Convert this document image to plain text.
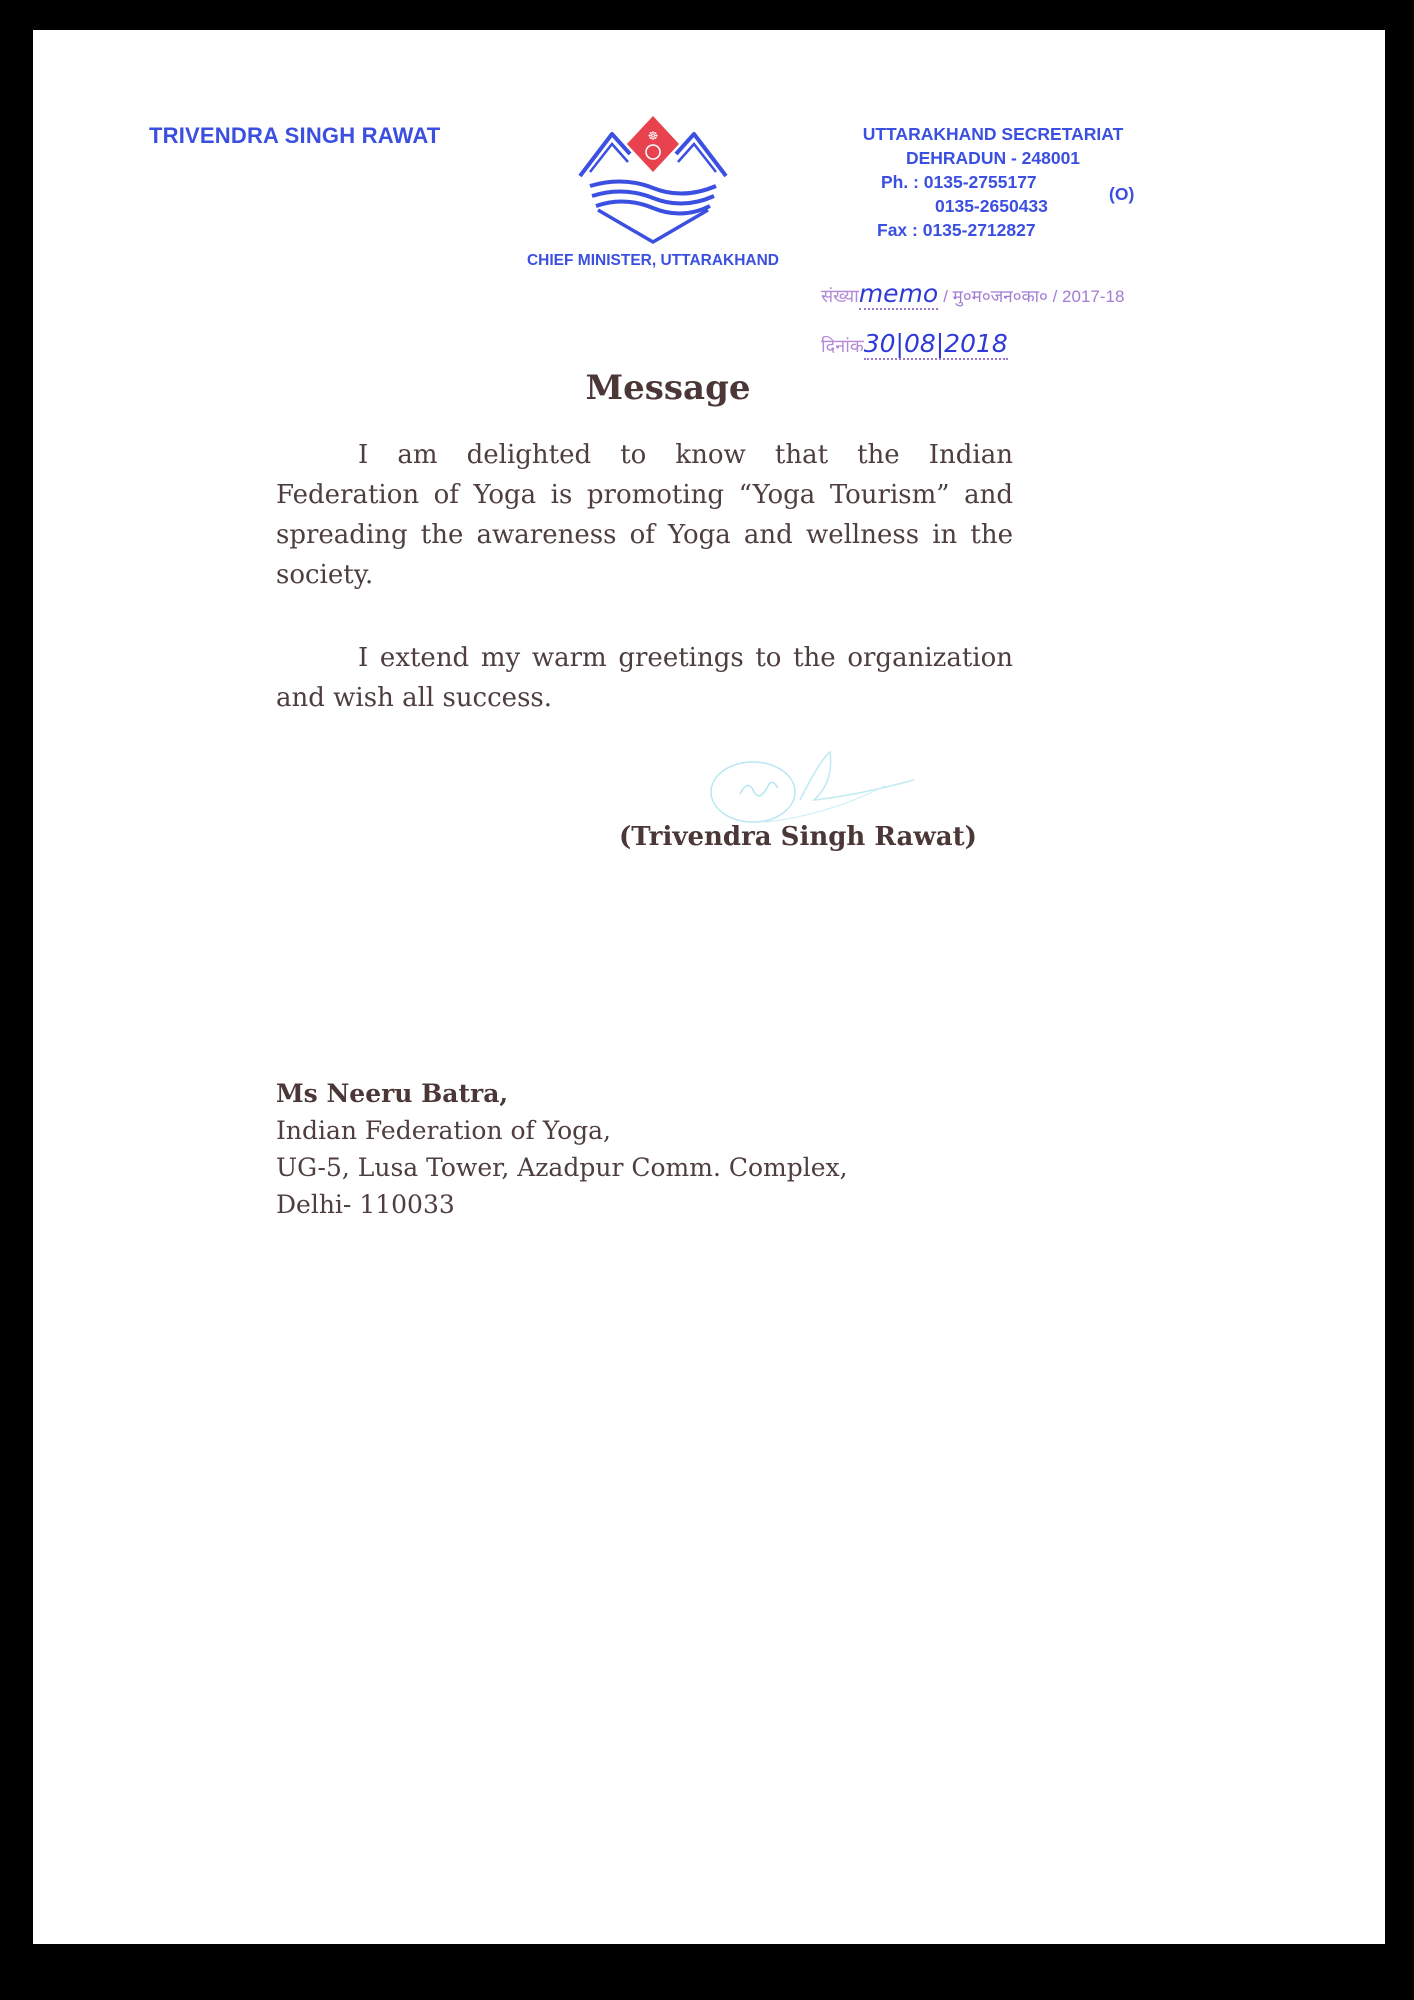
TRIVENDRA SINGH RAWAT	☸
CHIEF MINISTER, UTTARAKHAND
UTTARAKHAND SECRETARIAT
DEHRADUN - 248001
Ph. : 0135-2755177
(O)
0135-2650433
Fax : 0135-2712827
संख्याmemo / मु०म०जन०का० / 2017-18
दिनांक30|08|2018
Message
I am delighted to know that the Indian Federation of Yoga is promoting “Yoga Tourism” and spreading the awareness of Yoga and wellness in the society.
I extend my warm greetings to the organization and wish all success.
(Trivendra Singh Rawat)
Ms Neeru Batra,
Indian Federation of Yoga,
UG-5, Lusa Tower, Azadpur Comm. Complex,
Delhi- 110033
